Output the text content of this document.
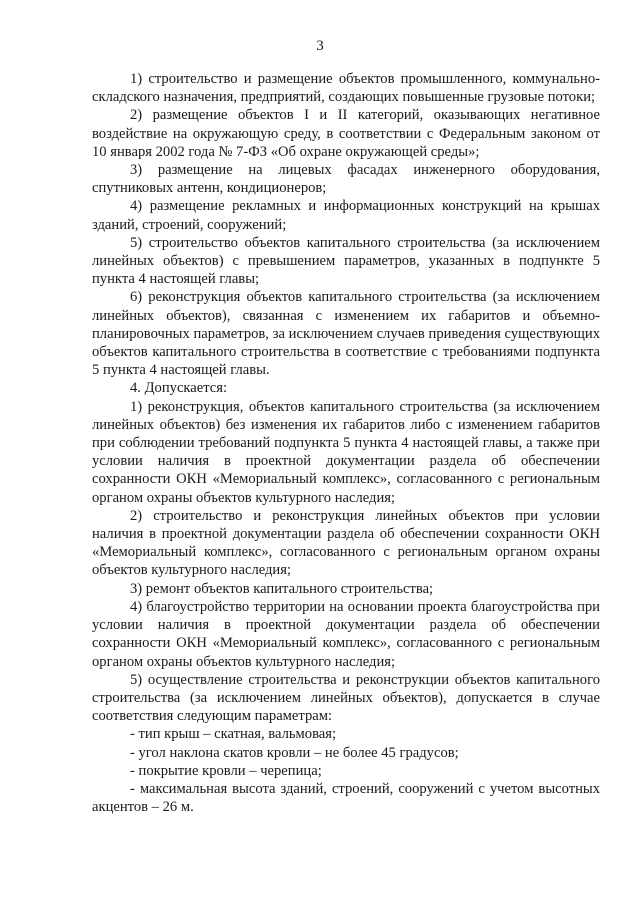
3

1) строительство и размещение объектов промышленного, коммунально-складского назначения, предприятий, создающих повышенные грузовые потоки;

2) размещение объектов I и II категорий, оказывающих негативное воздействие на окружающую среду, в соответствии с Федеральным законом от 10 января 2002 года № 7-ФЗ «Об охране окружающей среды»;

3) размещение на лицевых фасадах инженерного оборудования, спутниковых антенн, кондиционеров;

4) размещение рекламных и информационных конструкций на крышах зданий, строений, сооружений;

5) строительство объектов капитального строительства (за исключением линейных объектов) с превышением параметров, указанных в подпункте 5 пункта 4 настоящей главы;

6) реконструкция объектов капитального строительства (за исключением линейных объектов), связанная с изменением их габаритов и объемно-планировочных параметров, за исключением случаев приведения существующих объектов капитального строительства в соответствие с требованиями подпункта 5 пункта 4 настоящей главы.

4. Допускается:

1) реконструкция, объектов капитального строительства (за исключением линейных объектов) без изменения их габаритов либо с изменением габаритов при соблюдении требований подпункта 5 пункта 4 настоящей главы, а также при условии наличия в проектной документации раздела об обеспечении сохранности ОКН «Мемориальный комплекс», согласованного с региональным органом охраны объектов культурного наследия;

2) строительство и реконструкция линейных объектов при условии наличия в проектной документации раздела об обеспечении сохранности ОКН «Мемориальный комплекс», согласованного с региональным органом охраны объектов культурного наследия;

3) ремонт объектов капитального строительства;

4) благоустройство территории на основании проекта благоустройства при условии наличия в проектной документации раздела об обеспечении сохранности ОКН «Мемориальный комплекс», согласованного с региональным органом охраны объектов культурного наследия;

5) осуществление строительства и реконструкции объектов капитального строительства (за исключением линейных объектов), допускается в случае соответствия следующим параметрам:

- тип крыш – скатная, вальмовая;

- угол наклона скатов кровли – не более 45 градусов;

- покрытие кровли – черепица;

- максимальная высота зданий, строений, сооружений с учетом высотных акцентов – 26 м.
